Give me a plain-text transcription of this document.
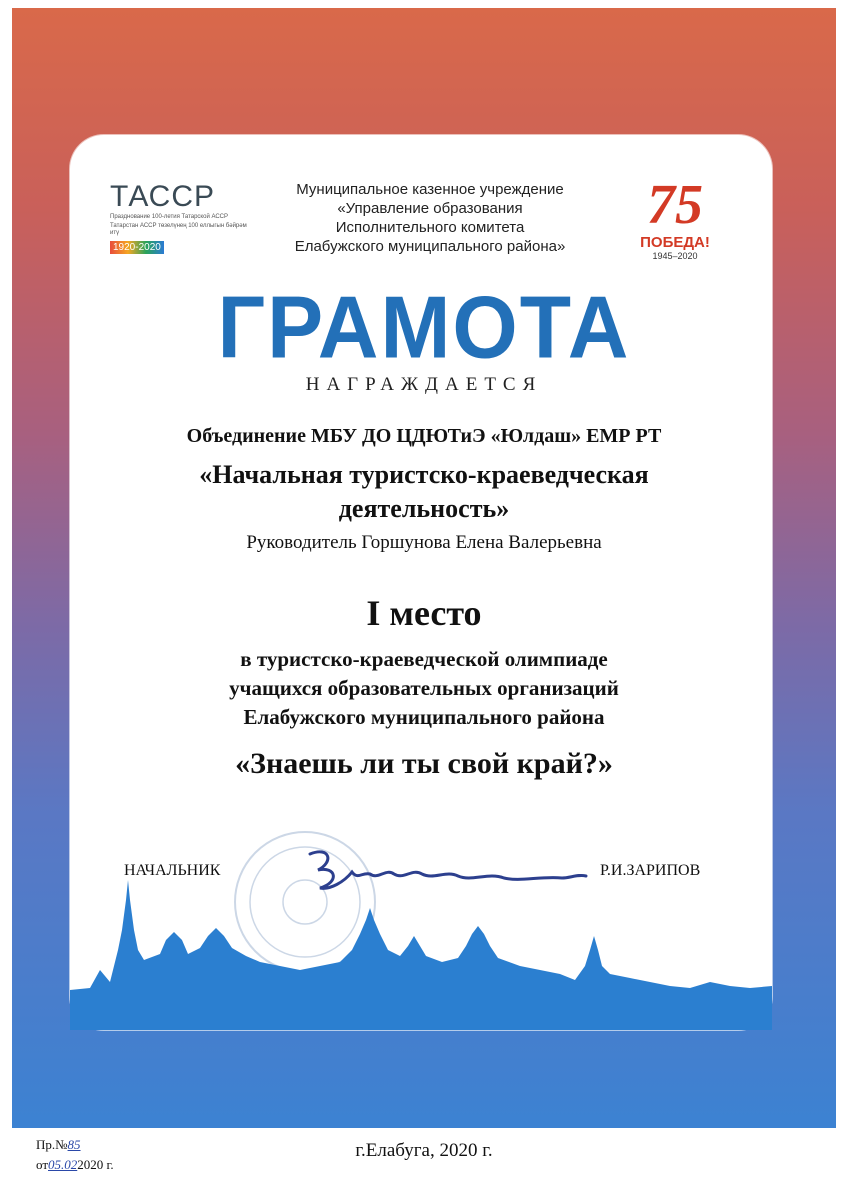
ТАССР
Празднование 100-летия Татарской АССР
Татарстан АССР төзелүнең 100 еллыгын бәйрәм итү
1920-2020
Муниципальное казенное учреждение
«Управление образования
Исполнительного комитета
Елабужского муниципального района»
75
ПОБЕДА!
1945–2020
ГРАМОТА
НАГРАЖДАЕТСЯ
Объединение МБУ ДО ЦДЮТиЭ «Юлдаш» ЕМР РТ
«Начальная туристско-краеведческая
деятельность»
Руководитель Горшунова Елена Валерьевна
I место
в туристско-краеведческой олимпиаде
учащихся образовательных организаций
Елабужского муниципального района
«Знаешь ли ты свой край?»
НАЧАЛЬНИК	Р.И.ЗАРИПОВ
г.Елабуга, 2020 г.
Пр.№85
от05.022020 г.
